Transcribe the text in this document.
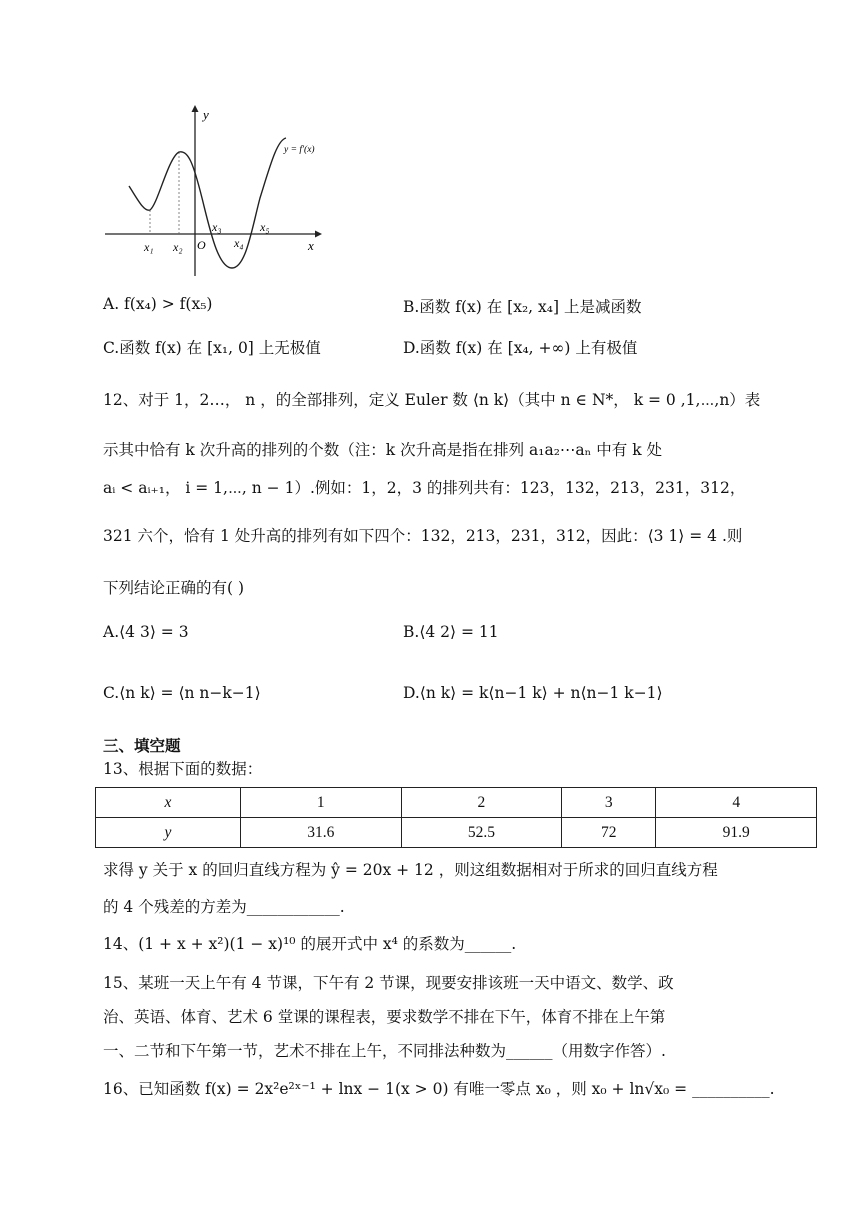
y
x
y = f'(x)
O
x₁ x₂
x₃
x₄
x₅
A. f(x₄) > f(x₅)	B.函数 f(x) 在 [x₂, x₄] 上是减函数
C.函数 f(x) 在 [x₁, 0] 上无极值	D.函数 f(x) 在 [x₄, +∞) 上有极值
12、对于 1，2…， n ，的全部排列，定义 Euler 数 ⟨n k⟩（其中 n ∈ N*， k = 0 ,1,⋯,n）表
示其中恰有 k 次升高的排列的个数（注：k 次升高是指在排列 a₁a₂⋯aₙ 中有 k 处
aᵢ < aᵢ₊₁， i = 1,⋯, n − 1）.例如：1，2，3 的排列共有：123，132，213，231，312，
321 六个，恰有 1 处升高的排列有如下四个：132，213，231，312，因此：⟨3 1⟩ = 4 .则
下列结论正确的有( )
A.⟨4 3⟩ = 3	B.⟨4 2⟩ = 11
C.⟨n k⟩ = ⟨n n−k−1⟩	D.⟨n k⟩ = k⟨n−1 k⟩ + n⟨n−1 k−1⟩
三、填空题
13、根据下面的数据：
x	1	2	3	4
y	31.6	52.5	72	91.9
求得 y 关于 x 的回归直线方程为 ŷ = 20x + 12 ，则这组数据相对于所求的回归直线方程
的 4 个残差的方差为____________.
14、(1 + x + x²)(1 − x)¹⁰ 的展开式中 x⁴ 的系数为______.
15、某班一天上午有 4 节课，下午有 2 节课，现要安排该班一天中语文、数学、政
治、英语、体育、艺术 6 堂课的课程表，要求数学不排在下午，体育不排在上午第
一、二节和下午第一节，艺术不排在上午，不同排法种数为______（用数字作答）.
16、已知函数 f(x) = 2x²e²ˣ⁻¹ + lnx − 1(x > 0) 有唯一零点 x₀ ，则 x₀ + ln√x₀ = __________.
